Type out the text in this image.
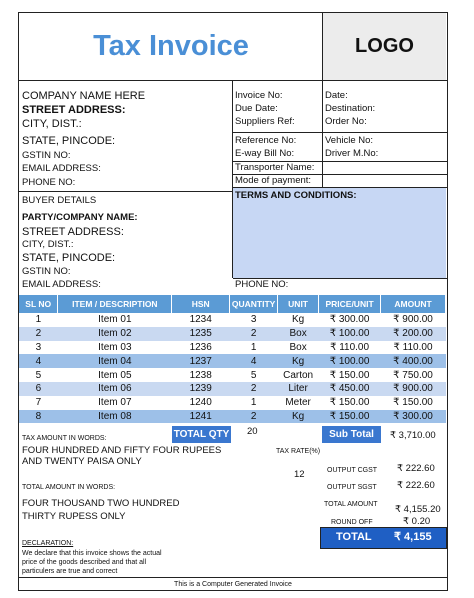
Tax Invoice	LOGO
COMPANY NAME HERE
STREET ADDRESS:
CITY, DIST.:
STATE, PINCODE:
GSTIN NO:
EMAIL ADDRESS:
PHONE NO:
Invoice No:
Due Date:
Suppliers Ref:
Reference No:
E-way Bill No:
Transporter Name:
Mode of payment:
Date:
Destination:
Order No:
Vehicle No:
Driver M.No:
BUYER DETAILS
PARTY/COMPANY NAME:
STREET ADDRESS:
CITY, DIST.:
STATE, PINCODE:
GSTIN NO:
EMAIL ADDRESS:	PHONE NO:
TERMS AND CONDITIONS:
SL NO	ITEM / DESCRIPTION	HSN	QUANTITY	UNIT	PRICE/UNIT	AMOUNT
1	Item 01	1234	3	Kg	₹ 300.00	₹ 900.00
2	Item 02	1235	2	Box	₹ 100.00	₹ 200.00
3	Item 03	1236	1	Box	₹ 110.00	₹ 110.00
4	Item 04	1237	4	Kg	₹ 100.00	₹ 400.00
5	Item 05	1238	5	Carton	₹ 150.00	₹ 750.00
6	Item 06	1239	2	Liter	₹ 450.00	₹ 900.00
7	Item 07	1240	1	Meter	₹ 150.00	₹ 150.00
8	Item 08	1241	2	Kg	₹ 150.00	₹ 300.00
TAX AMOUNT IN WORDS:
FOUR HUNDRED AND FIFTY FOUR RUPEES
AND TWENTY PAISA ONLY
TOTAL QTY 20
TAX RATE(%)
12
Sub Total	₹ 3,710.00
TOTAL AMOUNT IN WORDS:
FOUR THOUSAND TWO HUNDRED
THIRTY RUPESS ONLY
OUTPUT CGST ₹ 222.60
OUTPUT SGST ₹ 222.60
TOTAL AMOUNT ₹ 4,155.20
ROUND OFF	₹ 0.20
TOTAL ₹ 4,155
DECLARATION:
We declare that this invoice shows the actual
price of the goods described and that all
particulers are true and correct
This is a Computer Generated Invoice
